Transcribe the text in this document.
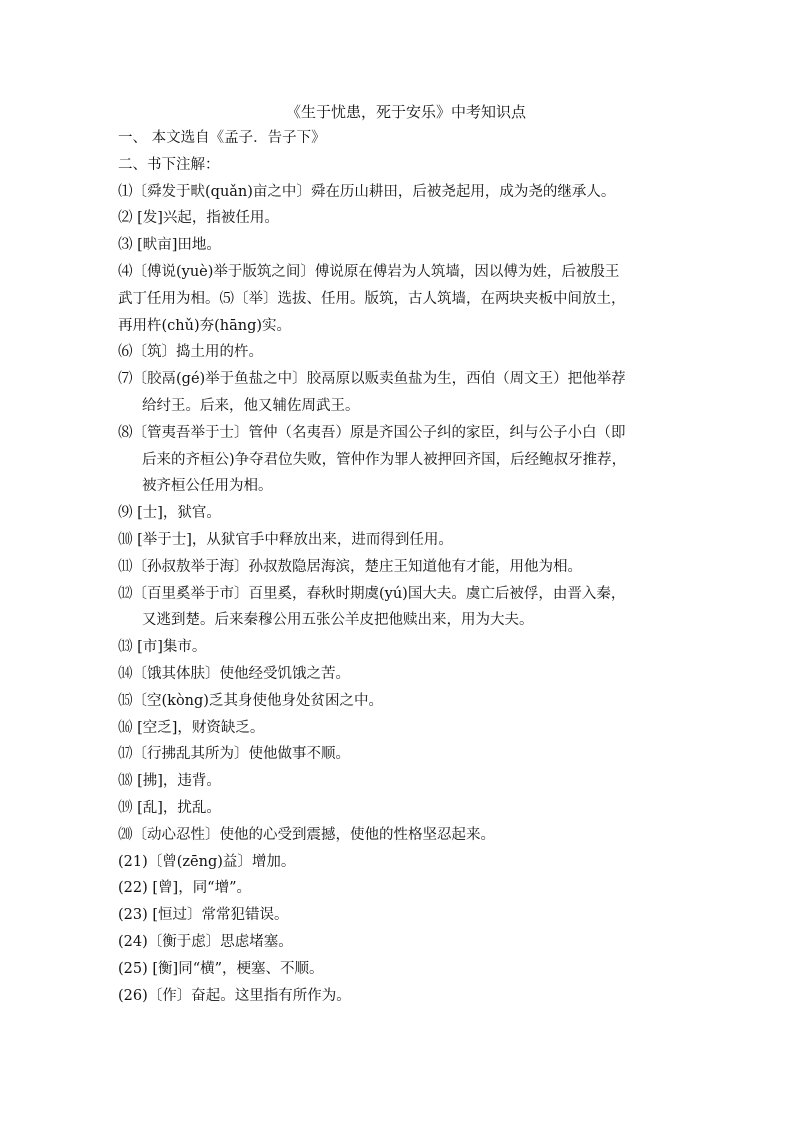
《生于忧患，死于安乐》中考知识点

一、 本文选自《孟子．告子下》

二、书下注解：

⑴〔舜发于畎(quǎn)亩之中〕舜在历山耕田，后被尧起用，成为尧的继承人。

⑵ [发]兴起，指被任用。

⑶ [畎亩]田地。

⑷〔傅说(yuè)举于版筑之间〕傅说原在傅岩为人筑墙，因以傅为姓，后被殷王

武丁任用为相。⑸〔举〕选拔、任用。版筑，古人筑墙，在两块夹板中间放土，

再用杵(chǔ)夯(hāng)实。

⑹〔筑〕捣土用的杵。

⑺〔胶鬲(gé)举于鱼盐之中〕胶鬲原以贩卖鱼盐为生，西伯（周文王）把他举荐

给纣王。后来，他又辅佐周武王。

⑻〔管夷吾举于士〕管仲（名夷吾）原是齐国公子纠的家臣，纠与公子小白（即

后来的齐桓公)争夺君位失败，管仲作为罪人被押回齐国，后经鲍叔牙推荐，

被齐桓公任用为相。

⑼ [士]，狱官。

⑽ [举于士]，从狱官手中释放出来，进而得到任用。

⑾〔孙叔敖举于海〕孙叔敖隐居海滨，楚庄王知道他有才能，用他为相。

⑿〔百里奚举于市〕百里奚，春秋时期虞(yú)国大夫。虞亡后被俘，由晋入秦，

又逃到楚。后来秦穆公用五张公羊皮把他赎出来，用为大夫。

⒀ [市]集市。

⒁〔饿其体肤〕使他经受饥饿之苦。

⒂〔空(kòng)乏其身使他身处贫困之中。

⒃ [空乏]，财资缺乏。

⒄〔行拂乱其所为〕使他做事不顺。

⒅ [拂]，违背。

⒆ [乱]，扰乱。

⒇〔动心忍性〕使他的心受到震撼，使他的性格坚忍起来。

(21)〔曾(zēng)益〕增加。

(22) [曾]，同“增”。

(23) [恒过〕常常犯错误。

(24)〔衡于虑〕思虑堵塞。

(25) [衡]同“横”，梗塞、不顺。

(26)〔作〕奋起。这里指有所作为。
